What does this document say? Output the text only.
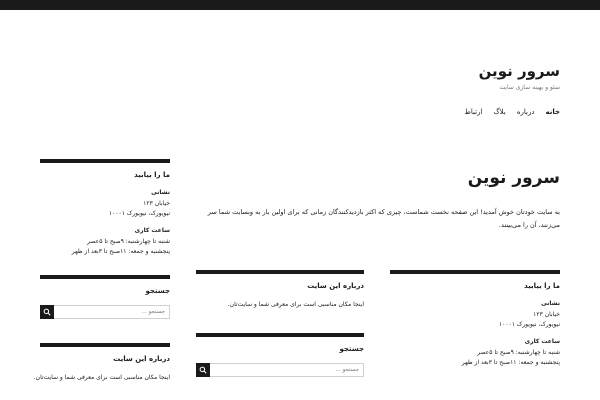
سرور نوین
سئو و بهینه سازی سایت
خانه
درباره
بلاگ
ارتباط
سرور نوین
به سایت خودتان خوش آمدید! این صفحه نخست شماست، چیزی که اکثر بازدیدکنندگان زمانی که برای اولین بار به وبسایت شما سر می‌زنند، آن را می‌بینند.
ما را بیابید
نشانی
خیابان ۱۲۳
نیویورک، نیویورک ۱۰۰۰۱
ساعت کاری
شنبه تا چهارشنبه: ۹صبح تا ۵عصر
پنجشنبه و جمعه: ۱۱صبح تا ۳بعد از ظهر
درباره این سایت
اینجا مکان مناسبی است برای معرفی شما و سایت‌تان.
جستجو
جستجو …
ما را بیابید
نشانی
خیابان ۱۲۳
نیویورک، نیویورک ۱۰۰۰۱
ساعت کاری
شنبه تا چهارشنبه: ۹صبح تا ۵عصر
پنجشنبه و جمعه: ۱۱صبح تا ۳بعد از ظهر
جستجو
جستجو …
درباره این سایت
اینجا مکان مناسبی است برای معرفی شما و سایت‌تان.
